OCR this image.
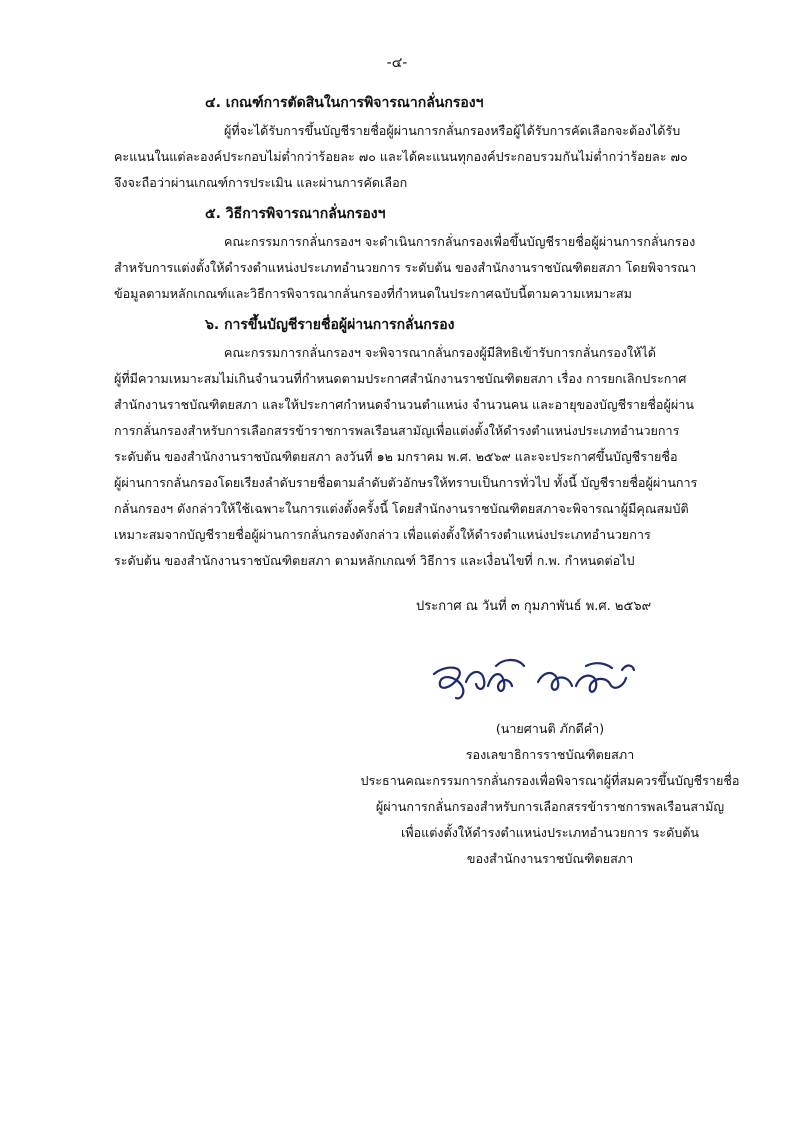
-๔-
๔. เกณฑ์การตัดสินในการพิจารณากลั่นกรองฯ
ผู้ที่จะได้รับการขึ้นบัญชีรายชื่อผู้ผ่านการกลั่นกรองหรือผู้ได้รับการคัดเลือกจะต้องได้รับ
คะแนนในแต่ละองค์ประกอบไม่ต่ำกว่าร้อยละ ๗๐ และได้คะแนนทุกองค์ประกอบรวมกันไม่ต่ำกว่าร้อยละ ๗๐
จึงจะถือว่าผ่านเกณฑ์การประเมิน และผ่านการคัดเลือก
๕. วิธีการพิจารณากลั่นกรองฯ
คณะกรรมการกลั่นกรองฯ จะดำเนินการกลั่นกรองเพื่อขึ้นบัญชีรายชื่อผู้ผ่านการกลั่นกรอง
สำหรับการแต่งตั้งให้ดำรงตำแหน่งประเภทอำนวยการ ระดับต้น ของสำนักงานราชบัณฑิตยสภา โดยพิจารณา
ข้อมูลตามหลักเกณฑ์และวิธีการพิจารณากลั่นกรองที่กำหนดในประกาศฉบับนี้ตามความเหมาะสม
๖. การขึ้นบัญชีรายชื่อผู้ผ่านการกลั่นกรอง
คณะกรรมการกลั่นกรองฯ จะพิจารณากลั่นกรองผู้มีสิทธิเข้ารับการกลั่นกรองให้ได้
ผู้ที่มีความเหมาะสมไม่เกินจำนวนที่กำหนดตามประกาศสำนักงานราชบัณฑิตยสภา เรื่อง การยกเลิกประกาศ
สำนักงานราชบัณฑิตยสภา และให้ประกาศกำหนดจำนวนตำแหน่ง จำนวนคน และอายุของบัญชีรายชื่อผู้ผ่าน
การกลั่นกรองสำหรับการเลือกสรรข้าราชการพลเรือนสามัญเพื่อแต่งตั้งให้ดำรงตำแหน่งประเภทอำนวยการ
ระดับต้น ของสำนักงานราชบัณฑิตยสภา ลงวันที่ ๑๒ มกราคม พ.ศ. ๒๕๖๙ และจะประกาศขึ้นบัญชีรายชื่อ
ผู้ผ่านการกลั่นกรองโดยเรียงลำดับรายชื่อตามลำดับตัวอักษรให้ทราบเป็นการทั่วไป ทั้งนี้ บัญชีรายชื่อผู้ผ่านการ
กลั่นกรองฯ ดังกล่าวให้ใช้เฉพาะในการแต่งตั้งครั้งนี้ โดยสำนักงานราชบัณฑิตยสภาจะพิจารณาผู้มีคุณสมบัติ
เหมาะสมจากบัญชีรายชื่อผู้ผ่านการกลั่นกรองดังกล่าว เพื่อแต่งตั้งให้ดำรงตำแหน่งประเภทอำนวยการ
ระดับต้น ของสำนักงานราชบัณฑิตยสภา ตามหลักเกณฑ์ วิธีการ และเงื่อนไขที่ ก.พ. กำหนดต่อไป
ประกาศ ณ วันที่ ๓ กุมภาพันธ์ พ.ศ. ๒๕๖๙
(นายศานติ ภักดีคำ)
รองเลขาธิการราชบัณฑิตยสภา
ประธานคณะกรรมการกลั่นกรองเพื่อพิจารณาผู้ที่สมควรขึ้นบัญชีรายชื่อ
ผู้ผ่านการกลั่นกรองสำหรับการเลือกสรรข้าราชการพลเรือนสามัญ
เพื่อแต่งตั้งให้ดำรงตำแหน่งประเภทอำนวยการ ระดับต้น
ของสำนักงานราชบัณฑิตยสภา
